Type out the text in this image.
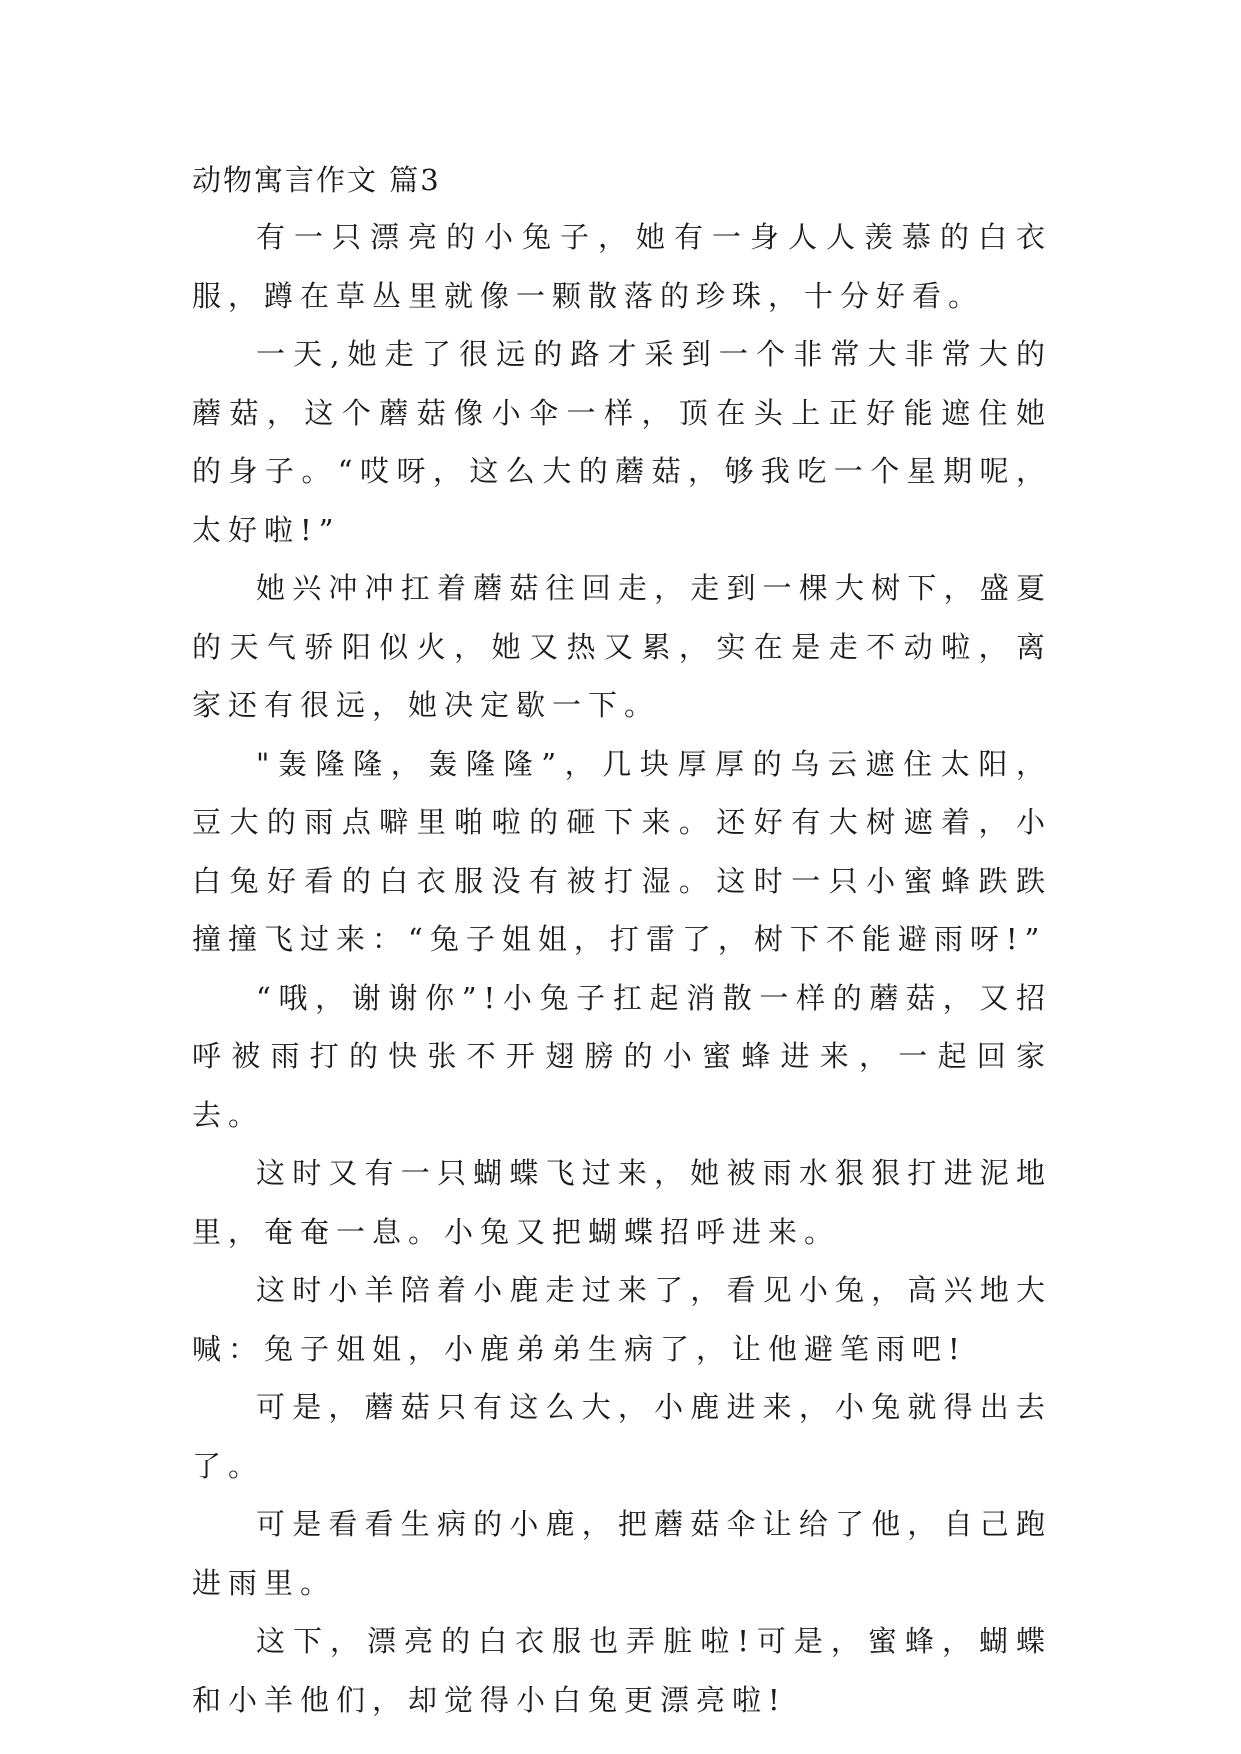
动物寓言作文 篇3

有一只漂亮的小兔子，她有一身人人羡慕的白衣服，蹲在草丛里就像一颗散落的珍珠，十分好看。

一天,她走了很远的路才采到一个非常大非常大的蘑菇，这个蘑菇像小伞一样，顶在头上正好能遮住她的身子。“哎呀，这么大的蘑菇，够我吃一个星期呢，太好啦!”

她兴冲冲扛着蘑菇往回走，走到一棵大树下，盛夏的天气骄阳似火，她又热又累，实在是走不动啦，离家还有很远，她决定歇一下。

"轰隆隆，轰隆隆”，几块厚厚的乌云遮住太阳，豆大的雨点噼里啪啦的砸下来。还好有大树遮着，小白兔好看的白衣服没有被打湿。这时一只小蜜蜂跌跌撞撞飞过来：“兔子姐姐，打雷了，树下不能避雨呀!”

“哦，谢谢你”!小兔子扛起消散一样的蘑菇，又招呼被雨打的快张不开翅膀的小蜜蜂进来，一起回家去。

这时又有一只蝴蝶飞过来，她被雨水狠狠打进泥地里，奄奄一息。小兔又把蝴蝶招呼进来。

这时小羊陪着小鹿走过来了，看见小兔，高兴地大喊：兔子姐姐，小鹿弟弟生病了，让他避笔雨吧!

可是，蘑菇只有这么大，小鹿进来，小兔就得出去了。

可是看看生病的小鹿，把蘑菇伞让给了他，自己跑进雨里。

这下，漂亮的白衣服也弄脏啦!可是，蜜蜂，蝴蝶和小羊他们，却觉得小白兔更漂亮啦!
